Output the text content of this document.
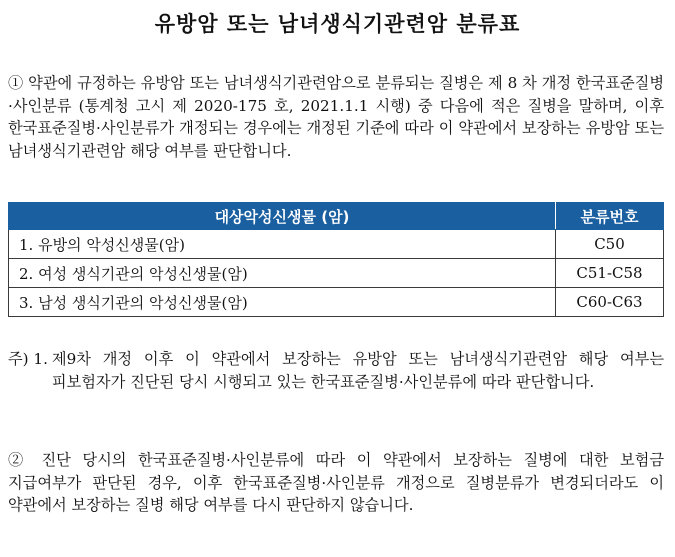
유방암 또는 남녀생식기관련암 분류표
① 약관에 규정하는 유방암 또는 남녀생식기관련암으로 분류되는 질병은 제 8 차 개정 한국표준질병·사인분류 (통계청 고시 제 2020-175 호, 2021.1.1 시행) 중 다음에 적은 질병을 말하며, 이후 한국표준질병·사인분류가 개정되는 경우에는 개정된 기준에 따라 이 약관에서 보장하는 유방암 또는 남녀생식기관련암 해당 여부를 판단합니다.
대상악성신생물 (암)	분류번호
1. 유방의 악성신생물(암)	C50
2. 여성 생식기관의 악성신생물(암)	C51-C58
3. 남성 생식기관의 악성신생물(암)	C60-C63
주) 1. 제9차 개정 이후 이 약관에서 보장하는 유방암 또는 남녀생식기관련암 해당 여부는 피보험자가 진단된 당시 시행되고 있는 한국표준질병·사인분류에 따라 판단합니다.
② 진단 당시의 한국표준질병·사인분류에 따라 이 약관에서 보장하는 질병에 대한 보험금 지급여부가 판단된 경우, 이후 한국표준질병·사인분류 개정으로 질병분류가 변경되더라도 이 약관에서 보장하는 질병 해당 여부를 다시 판단하지 않습니다.
